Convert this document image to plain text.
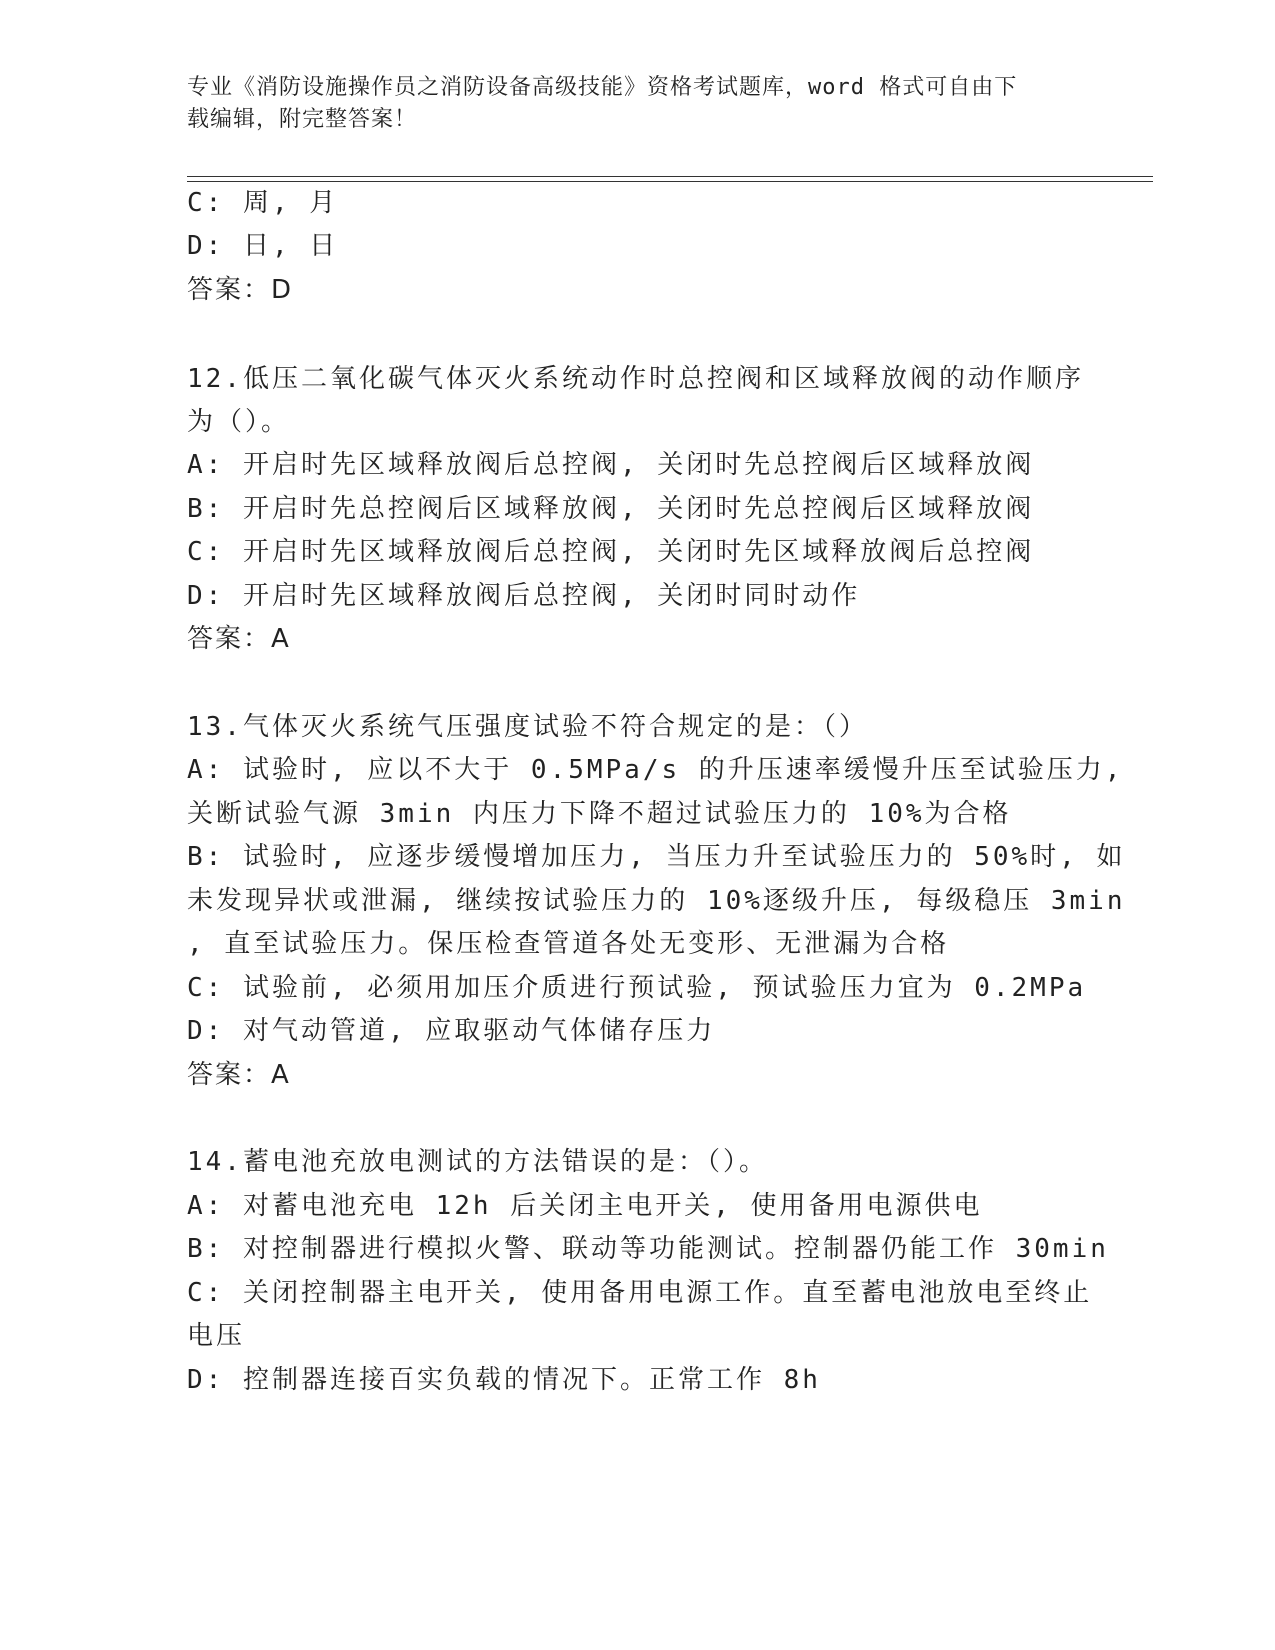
专业《消防设施操作员之消防设备高级技能》资格考试题库，word 格式可自由下
载编辑，附完整答案！
C: 周, 月
D: 日, 日
答案：D
12.低压二氧化碳气体灭火系统动作时总控阀和区域释放阀的动作顺序
为（）。
A: 开启时先区域释放阀后总控阀, 关闭时先总控阀后区域释放阀
B: 开启时先总控阀后区域释放阀, 关闭时先总控阀后区域释放阀
C: 开启时先区域释放阀后总控阀, 关闭时先区域释放阀后总控阀
D: 开启时先区域释放阀后总控阀, 关闭时同时动作
答案：A
13.气体灭火系统气压强度试验不符合规定的是：（）
A: 试验时, 应以不大于 0.5MPa/s 的升压速率缓慢升压至试验压力,
关断试验气源 3min 内压力下降不超过试验压力的 10%为合格
B: 试验时, 应逐步缓慢增加压力, 当压力升至试验压力的 50%时, 如
未发现异状或泄漏, 继续按试验压力的 10%逐级升压, 每级稳压 3min
, 直至试验压力。保压检查管道各处无变形、无泄漏为合格
C: 试验前, 必须用加压介质进行预试验, 预试验压力宜为 0.2MPa
D: 对气动管道, 应取驱动气体储存压力
答案：A
14.蓄电池充放电测试的方法错误的是：（）。
A: 对蓄电池充电 12h 后关闭主电开关, 使用备用电源供电
B: 对控制器进行模拟火警、联动等功能测试。控制器仍能工作 30min
C: 关闭控制器主电开关, 使用备用电源工作。直至蓄电池放电至终止
电压
D: 控制器连接百实负载的情况下。正常工作 8h
